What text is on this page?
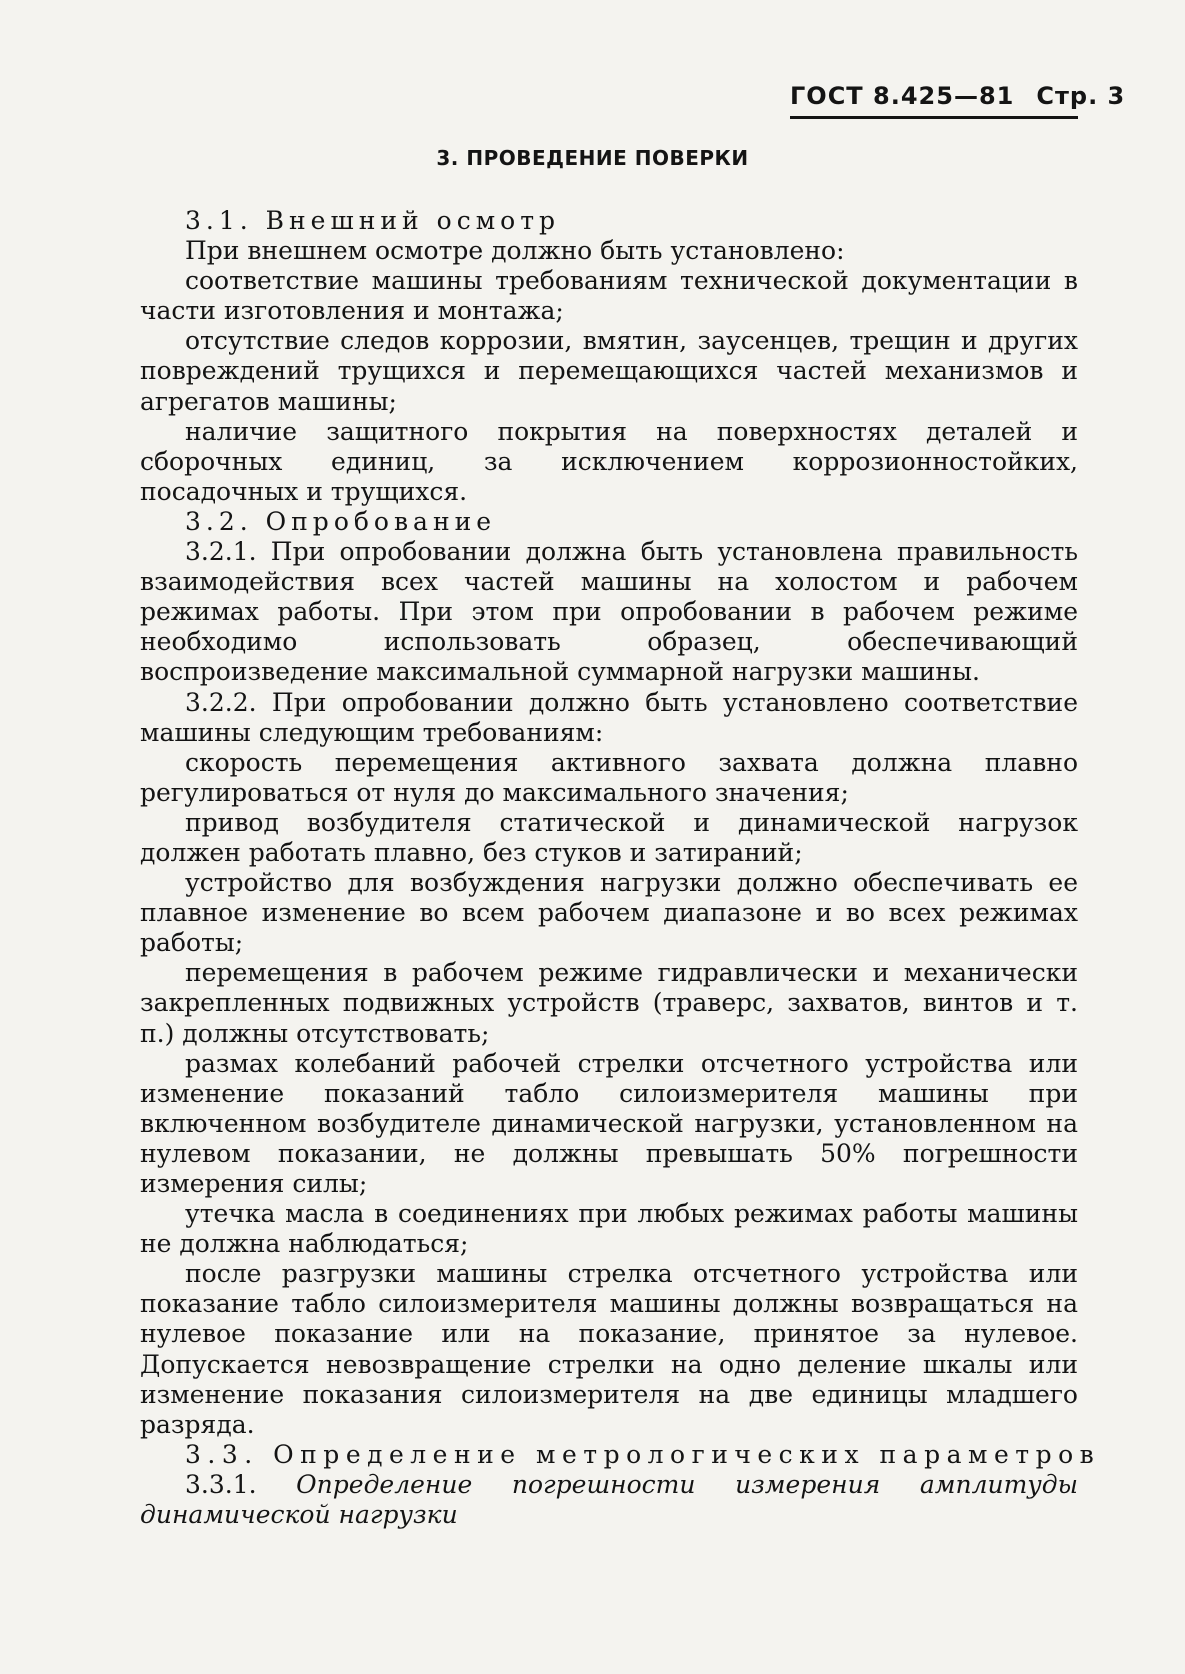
ГОСТ 8.425—81 Стр. 3
3. ПРОВЕДЕНИЕ ПОВЕРКИ

3.1. Внешний осмотр

При внешнем осмотре должно быть установлено:

соответствие машины требованиям технической документации в части изготовления и монтажа;

отсутствие следов коррозии, вмятин, заусенцев, трещин и других повреждений трущихся и перемещающихся частей механизмов и агрегатов машины;

наличие защитного покрытия на поверхностях деталей и сборочных единиц, за исключением коррозионностойких, посадочных и трущихся.

3.2. Опробование

3.2.1. При опробовании должна быть установлена правильность взаимодействия всех частей машины на холостом и рабочем режимах работы. При этом при опробовании в рабочем режиме необходимо использовать образец, обеспечивающий воспроизведение максимальной суммарной нагрузки машины.

3.2.2. При опробовании должно быть установлено соответствие машины следующим требованиям:

скорость перемещения активного захвата должна плавно регулироваться от нуля до максимального значения;

привод возбудителя статической и динамической нагрузок должен работать плавно, без стуков и затираний;

устройство для возбуждения нагрузки должно обеспечивать ее плавное изменение во всем рабочем диапазоне и во всех режимах работы;

перемещения в рабочем режиме гидравлически и механически закрепленных подвижных устройств (траверс, захватов, винтов и т. п.) должны отсутствовать;

размах колебаний рабочей стрелки отсчетного устройства или изменение показаний табло силоизмерителя машины при включенном возбудителе динамической нагрузки, установленном на нулевом показании, не должны превышать 50% погрешности измерения силы;

утечка масла в соединениях при любых режимах работы машины не должна наблюдаться;

после разгрузки машины стрелка отсчетного устройства или показание табло силоизмерителя машины должны возвращаться на нулевое показание или на показание, принятое за нулевое. Допускается невозвращение стрелки на одно деление шкалы или изменение показания силоизмерителя на две единицы младшего разряда.

3.3. Определение метрологических параметров

3.3.1. Определение погрешности измерения амплитуды динамической нагрузки
